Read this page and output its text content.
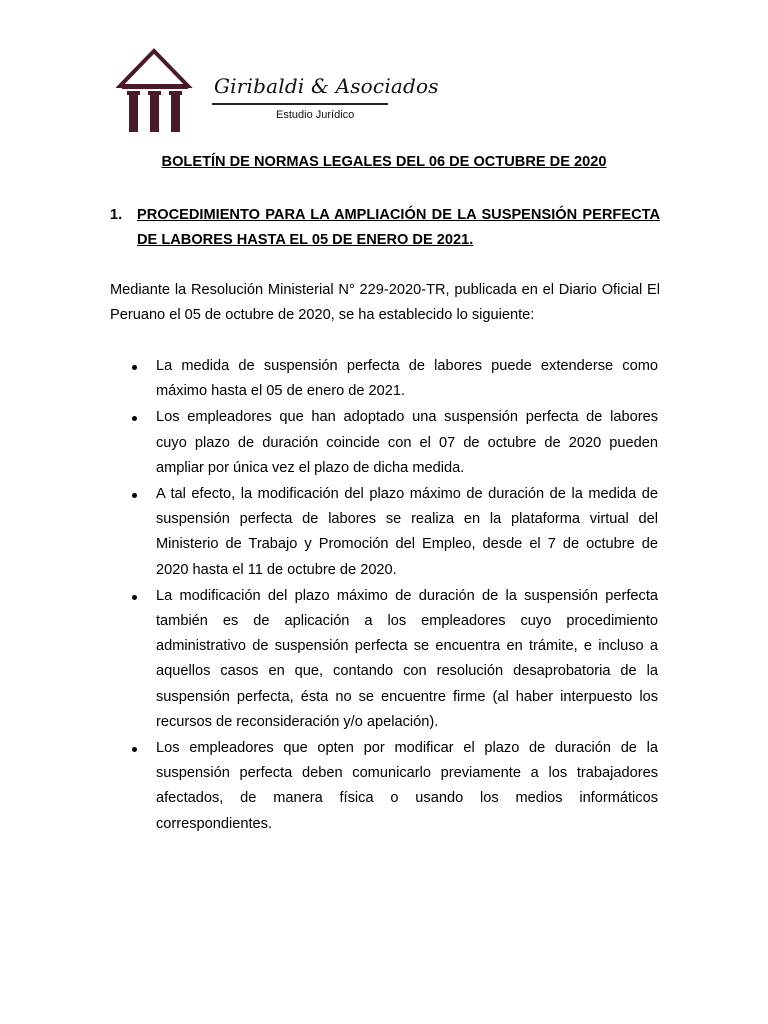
Giribaldi & Asociados
Estudio Jurídico
BOLETÍN DE NORMAS LEGALES DEL 06 DE OCTUBRE DE 2020
1. PROCEDIMIENTO PARA LA AMPLIACIÓN DE LA SUSPENSIÓN PERFECTA DE LABORES HASTA EL 05 DE ENERO DE 2021.
Mediante la Resolución Ministerial N° 229-2020-TR, publicada en el Diario Oficial El Peruano el 05 de octubre de 2020, se ha establecido lo siguiente:
La medida de suspensión perfecta de labores puede extenderse como máximo hasta el 05 de enero de 2021.
Los empleadores que han adoptado una suspensión perfecta de labores cuyo plazo de duración coincide con el 07 de octubre de 2020 pueden ampliar por única vez el plazo de dicha medida.
A tal efecto, la modificación del plazo máximo de duración de la medida de suspensión perfecta de labores se realiza en la plataforma virtual del Ministerio de Trabajo y Promoción del Empleo, desde el 7 de octubre de 2020 hasta el 11 de octubre de 2020.
La modificación del plazo máximo de duración de la suspensión perfecta también es de aplicación a los empleadores cuyo procedimiento administrativo de suspensión perfecta se encuentra en trámite, e incluso a aquellos casos en que, contando con resolución desaprobatoria de la suspensión perfecta, ésta no se encuentre firme (al haber interpuesto los recursos de reconsideración y/o apelación).
Los empleadores que opten por modificar el plazo de duración de la suspensión perfecta deben comunicarlo previamente a los trabajadores afectados, de manera física o usando los medios informáticos correspondientes.
